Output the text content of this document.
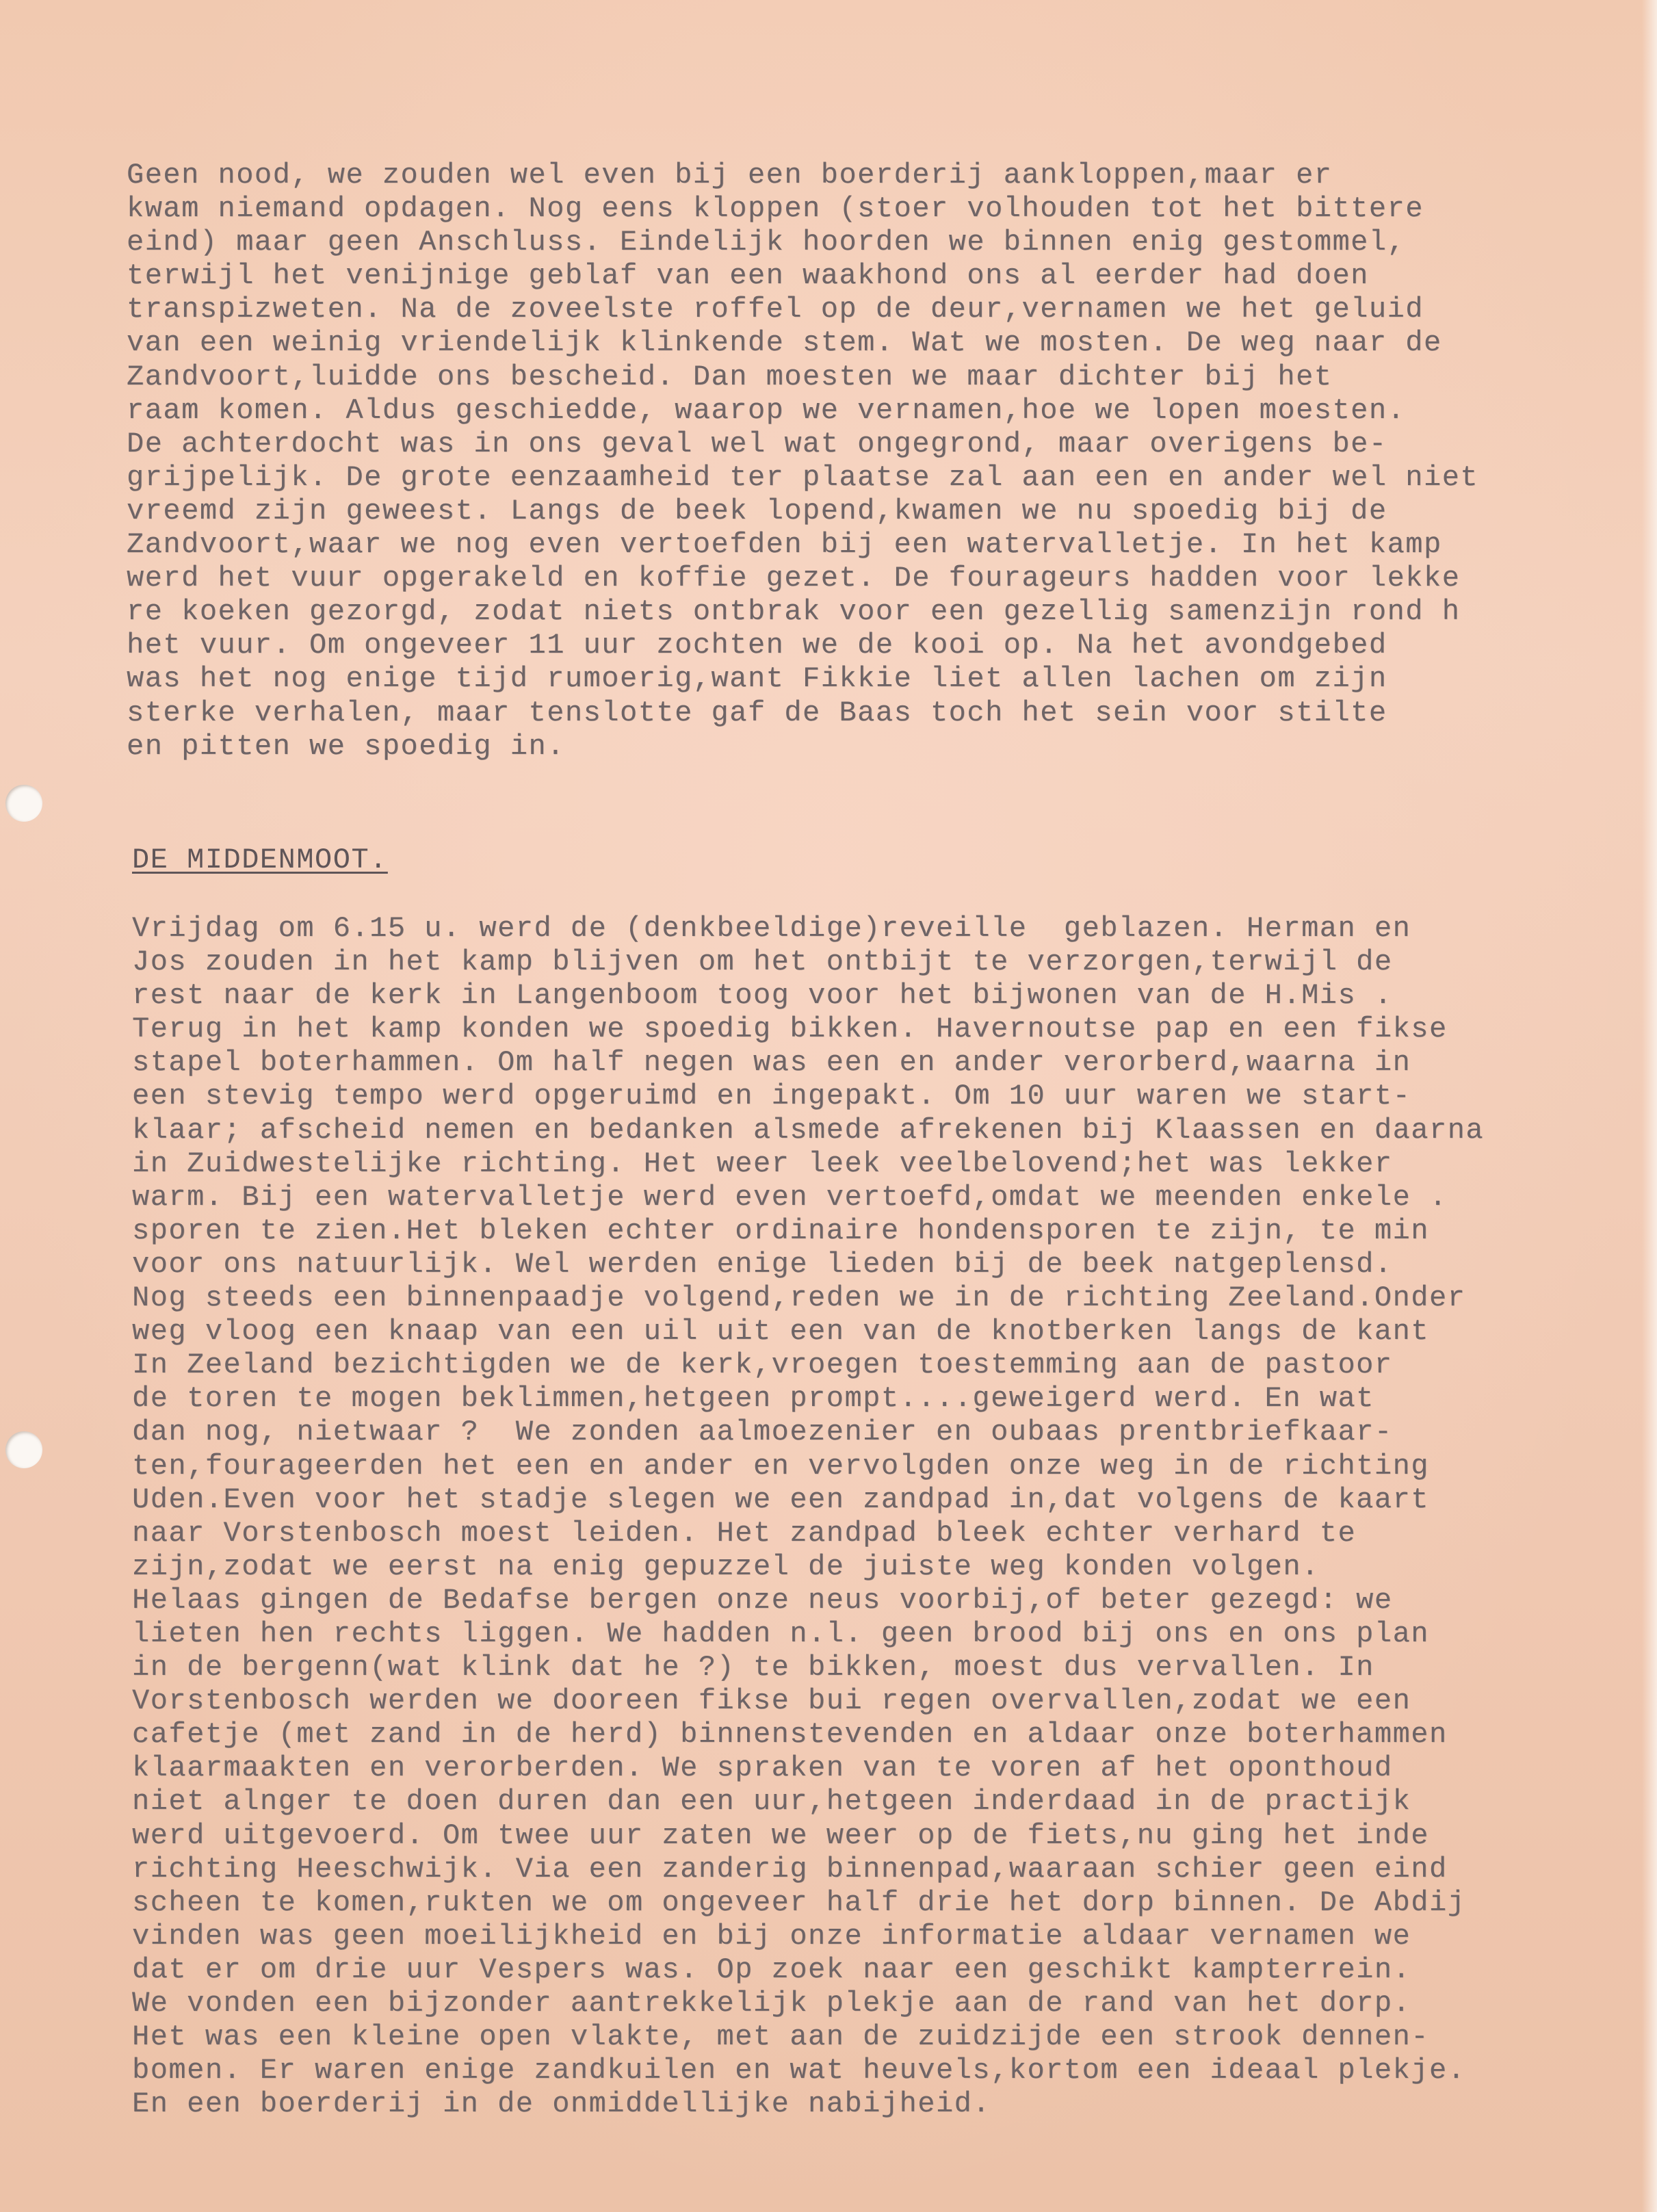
Geen nood, we zouden wel even bij een boerderij aankloppen,maar er
kwam niemand opdagen. Nog eens kloppen (stoer volhouden tot het bittere
eind) maar geen Anschluss. Eindelijk hoorden we binnen enig gestommel,
terwijl het venijnige geblaf van een waakhond ons al eerder had doen
transpizweten. Na de zoveelste roffel op de deur,vernamen we het geluid
van een weinig vriendelijk klinkende stem. Wat we mosten. De weg naar de
Zandvoort,luidde ons bescheid. Dan moesten we maar dichter bij het
raam komen. Aldus geschiedde, waarop we vernamen,hoe we lopen moesten.
De achterdocht was in ons geval wel wat ongegrond, maar overigens be-
grijpelijk. De grote eenzaamheid ter plaatse zal aan een en ander wel niet
vreemd zijn geweest. Langs de beek lopend,kwamen we nu spoedig bij de
Zandvoort,waar we nog even vertoefden bij een watervalletje. In het kamp
werd het vuur opgerakeld en koffie gezet. De fourageurs hadden voor lekke
re koeken gezorgd, zodat niets ontbrak voor een gezellig samenzijn rond h
het vuur. Om ongeveer 11 uur zochten we de kooi op. Na het avondgebed
was het nog enige tijd rumoerig,want Fikkie liet allen lachen om zijn
sterke verhalen, maar tenslotte gaf de Baas toch het sein voor stilte
en pitten we spoedig in.
DE MIDDENMOOT.
Vrijdag om 6.15 u. werd de (denkbeeldige)reveille  geblazen. Herman en
Jos zouden in het kamp blijven om het ontbijt te verzorgen,terwijl de
rest naar de kerk in Langenboom toog voor het bijwonen van de H.Mis .
Terug in het kamp konden we spoedig bikken. Havernoutse pap en een fikse
stapel boterhammen. Om half negen was een en ander verorberd,waarna in
een stevig tempo werd opgeruimd en ingepakt. Om 10 uur waren we start-
klaar; afscheid nemen en bedanken alsmede afrekenen bij Klaassen en daarna
in Zuidwestelijke richting. Het weer leek veelbelovend;het was lekker
warm. Bij een watervalletje werd even vertoefd,omdat we meenden enkele .
sporen te zien.Het bleken echter ordinaire hondensporen te zijn, te min
voor ons natuurlijk. Wel werden enige lieden bij de beek natgeplensd.
Nog steeds een binnenpaadje volgend,reden we in de richting Zeeland.Onder
weg vloog een knaap van een uil uit een van de knotberken langs de kant
In Zeeland bezichtigden we de kerk,vroegen toestemming aan de pastoor
de toren te mogen beklimmen,hetgeen prompt....geweigerd werd. En wat
dan nog, nietwaar ?  We zonden aalmoezenier en oubaas prentbriefkaar-
ten,fourageerden het een en ander en vervolgden onze weg in de richting
Uden.Even voor het stadje slegen we een zandpad in,dat volgens de kaart
naar Vorstenbosch moest leiden. Het zandpad bleek echter verhard te
zijn,zodat we eerst na enig gepuzzel de juiste weg konden volgen.
Helaas gingen de Bedafse bergen onze neus voorbij,of beter gezegd: we
lieten hen rechts liggen. We hadden n.l. geen brood bij ons en ons plan
in de bergenn(wat klink dat he ?) te bikken, moest dus vervallen. In
Vorstenbosch werden we dooreen fikse bui regen overvallen,zodat we een
cafetje (met zand in de herd) binnenstevenden en aldaar onze boterhammen
klaarmaakten en verorberden. We spraken van te voren af het oponthoud
niet alnger te doen duren dan een uur,hetgeen inderdaad in de practijk
werd uitgevoerd. Om twee uur zaten we weer op de fiets,nu ging het inde
richting Heeschwijk. Via een zanderig binnenpad,waaraan schier geen eind
scheen te komen,rukten we om ongeveer half drie het dorp binnen. De Abdij
vinden was geen moeilijkheid en bij onze informatie aldaar vernamen we
dat er om drie uur Vespers was. Op zoek naar een geschikt kampterrein.
We vonden een bijzonder aantrekkelijk plekje aan de rand van het dorp.
Het was een kleine open vlakte, met aan de zuidzijde een strook dennen-
bomen. Er waren enige zandkuilen en wat heuvels,kortom een ideaal plekje.
En een boerderij in de onmiddellijke nabijheid.
